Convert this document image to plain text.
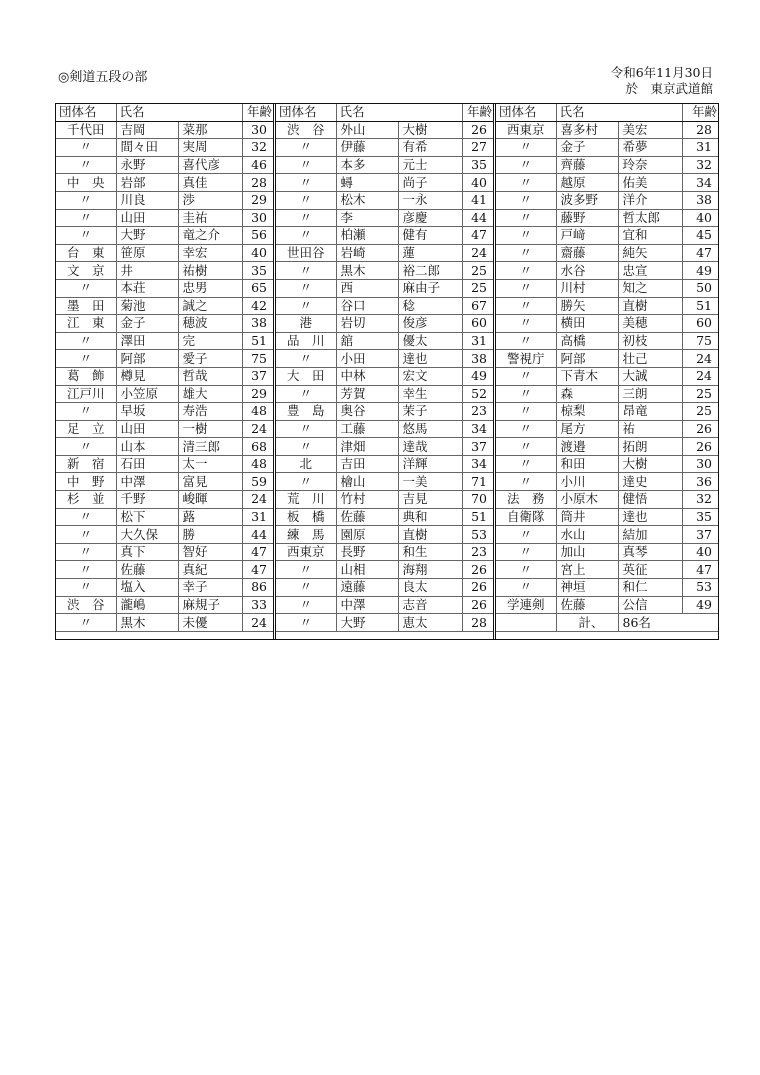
◎剣道五段の部	令和6年11月30日
於　東京武道館
団体名	氏名		年齢
千代田	吉岡	菜那	30
〃	間々田	実周	32
〃	永野	喜代彦	46
中　央	岩部	真佳	28
〃	川良	渉	29
〃	山田	圭祐	30
〃	大野	竜之介	56
台　東	笹原	幸宏	40
文　京	井	祐樹	35
〃	本荘	忠男	65
墨　田	菊池	誠之	42
江　東	金子	穂波	38
〃	澤田	完	51
〃	阿部	愛子	75
葛　飾	樽見	哲哉	37
江戸川	小笠原	雄大	29
〃	早坂	寿浩	48
足　立	山田	一樹	24
〃	山本	清三郎	68
新　宿	石田	太一	48
中　野	中澤	富見	59
杉　並	千野	峻暉	24
〃	松下	蕗	31
〃	大久保	勝	44
〃	真下	智好	47
〃	佐藤	真紀	47
〃	塩入	幸子	86
渋　谷	瀧嶋	麻規子	33
〃	黒木	未優	24
団体名	氏名		年齢
渋　谷	外山	大樹	26
〃	伊藤	有希	27
〃	本多	元士	35
〃	蟳	尚子	40
〃	松木	一永	41
〃	李	彦慶	44
〃	柏瀬	健有	47
世田谷	岩崎	蓮	24
〃	黒木	裕二郎	25
〃	西	麻由子	25
〃	谷口	稔	67
港	岩切	俊彦	60
品　川	舘	優太	31
〃	小田	達也	38
大　田	中林	宏文	49
〃	芳賀	幸生	52
豊　島	奥谷	茉子	23
〃	工藤	悠馬	34
〃	津畑	達哉	37
北	吉田	洋輝	34
〃	檜山	一美	71
荒　川	竹村	吉見	70
板　橋	佐藤	典和	51
練　馬	園原	直樹	53
西東京	長野	和生	23
〃	山相	海翔	26
〃	遠藤	良太	26
〃	中澤	志音	26
〃	大野	恵太	28
団体名	氏名		年齢
西東京	喜多村	美宏	28
〃	金子	希夢	31
〃	齊藤	玲奈	32
〃	越原	佑美	34
〃	波多野	洋介	38
〃	藤野	哲太郎	40
〃	戸﨑	宜和	45
〃	齋藤	純矢	47
〃	水谷	忠宣	49
〃	川村	知之	50
〃	勝矢	直樹	51
〃	横田	美穂	60
〃	高橋	初枝	75
警視庁	阿部	壮己	24
〃	下青木	大誠	24
〃	森	三朗	25
〃	椋梨	昂竜	25
〃	尾方	祐	26
〃	渡邉	拓朗	26
〃	和田	大樹	30
〃	小川	達史	36
法　務	小原木	健悟	32
自衛隊	筒井	達也	35
〃	水山	結加	37
〃	加山	真琴	40
〃	宮上	英征	47
〃	神垣	和仁	53
学連剣	佐藤	公信	49
	計、	86名	
